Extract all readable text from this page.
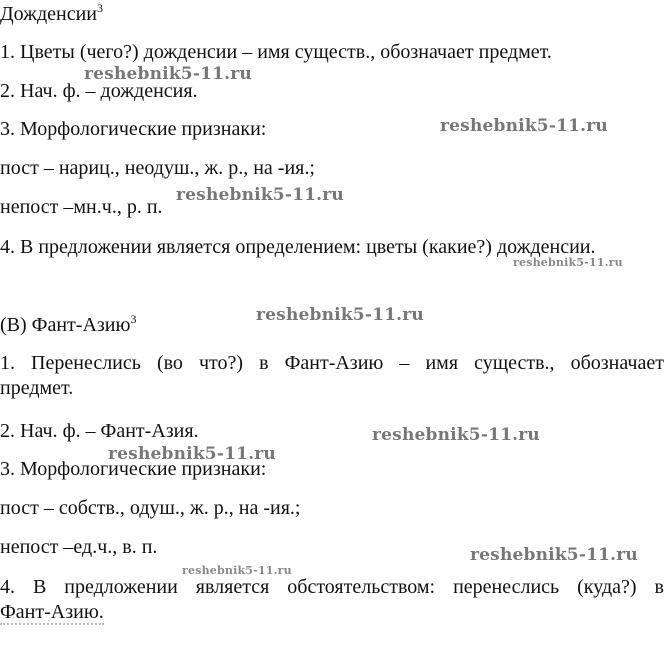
Дожденсии$^3$
1. Цветы (чего?) дожденсии – имя существ., обозначает предмет.
2. Нач. ф. – дожденсия.
3. Морфологические признаки:
пост – нариц., неодуш., ж. р., на -ия.;
непост –мн.ч., р. п.
4. В предложении является определением: цветы (какие?) дожденсии.
(В) Фант-Азию$^3$
1. Перенеслись (во что?) в Фант-Азию – имя существ., обозначает
предмет.
2. Нач. ф. – Фант-Азия.
3. Морфологические признаки:
пост – собств., одуш., ж. р., на -ия.;
непост –ед.ч., в. п.
4. В предложении является обстоятельством: перенеслись (куда?) в
Фант-Азию.
reshebnik5-11.ru
reshebnik5-11.ru
reshebnik5-11.ru
reshebnik5-11.ru
reshebnik5-11.ru
reshebnik5-11.ru
reshebnik5-11.ru
reshebnik5-11.ru
reshebnik5-11.ru
